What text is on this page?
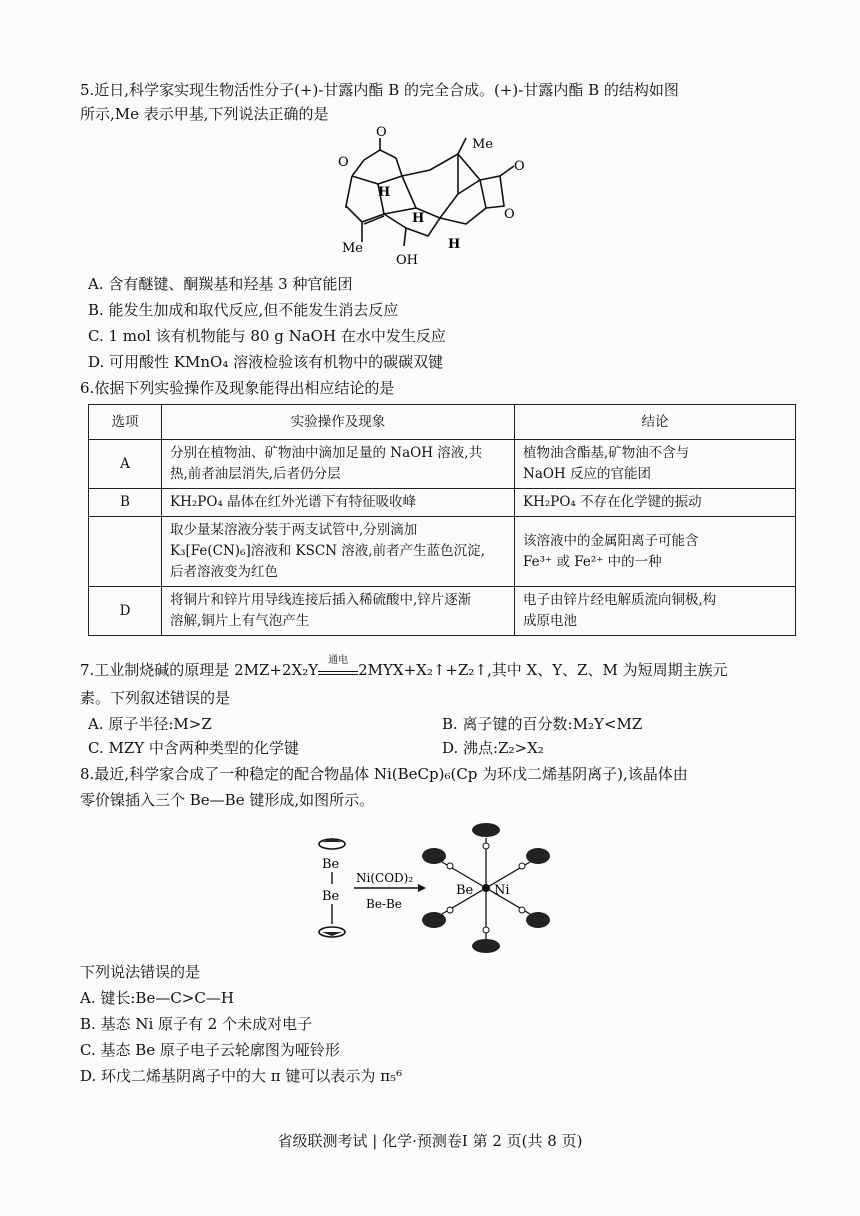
5.近日,科学家实现生物活性分子(+)-甘露内酯 B 的完全合成。(+)-甘露内酯 B 的结构如图
所示,Me 表示甲基,下列说法正确的是
O
O
Me
O
O
H
H
H
Me
OH
A. 含有醚键、酮羰基和羟基 3 种官能团
B. 能发生加成和取代反应,但不能发生消去反应
C. 1 mol 该有机物能与 80 g NaOH 在水中发生反应
D. 可用酸性 KMnO₄ 溶液检验该有机物中的碳碳双键
6.依据下列实验操作及现象能得出相应结论的是
选项	实验操作及现象	结论
A	分别在植物油、矿物油中滴加足量的 NaOH 溶液,共
热,前者油层消失,后者仍分层	植物油含酯基,矿物油不含与
NaOH 反应的官能团

B	KH₂PO₄ 晶体在红外光谱下有特征吸收峰	KH₂PO₄ 不存在化学键的振动

	取少量某溶液分装于两支试管中,分别滴加
K₃[Fe(CN)₆]溶液和 KSCN 溶液,前者产生蓝色沉淀,
后者溶液变为红色	该溶液中的金属阳离子可能含
Fe³⁺ 或 Fe²⁺ 中的一种

D	将铜片和锌片用导线连接后插入稀硫酸中,锌片逐渐
溶解,铜片上有气泡产生	电子由锌片经电解质流向铜极,构
成原电池
7.工业制烧碱的原理是 2MZ+2X₂Y
通电
2MYX+X₂↑+Z₂↑,其中 X、Y、Z、M 为短周期主族元
素。下列叙述错误的是
A. 原子半径:M>Z	B. 离子键的百分数:M₂Y<MZ
C. MZY 中含两种类型的化学键	D. 沸点:Z₂>X₂
8.最近,科学家合成了一种稳定的配合物晶体 Ni(BeCp)₆(Cp 为环戊二烯基阴离子),该晶体由
零价镍插入三个 Be—Be 键形成,如图所示。
Be
Be
Ni(COD)₂
Be-Be
Be Ni
下列说法错误的是
A. 键长:Be—C>C—H
B. 基态 Ni 原子有 2 个未成对电子
C. 基态 Be 原子电子云轮廓图为哑铃形
D. 环戊二烯基阴离子中的大 π 键可以表示为 π₅⁶
省级联测考试 | 化学·预测卷Ⅰ 第 2 页(共 8 页)
